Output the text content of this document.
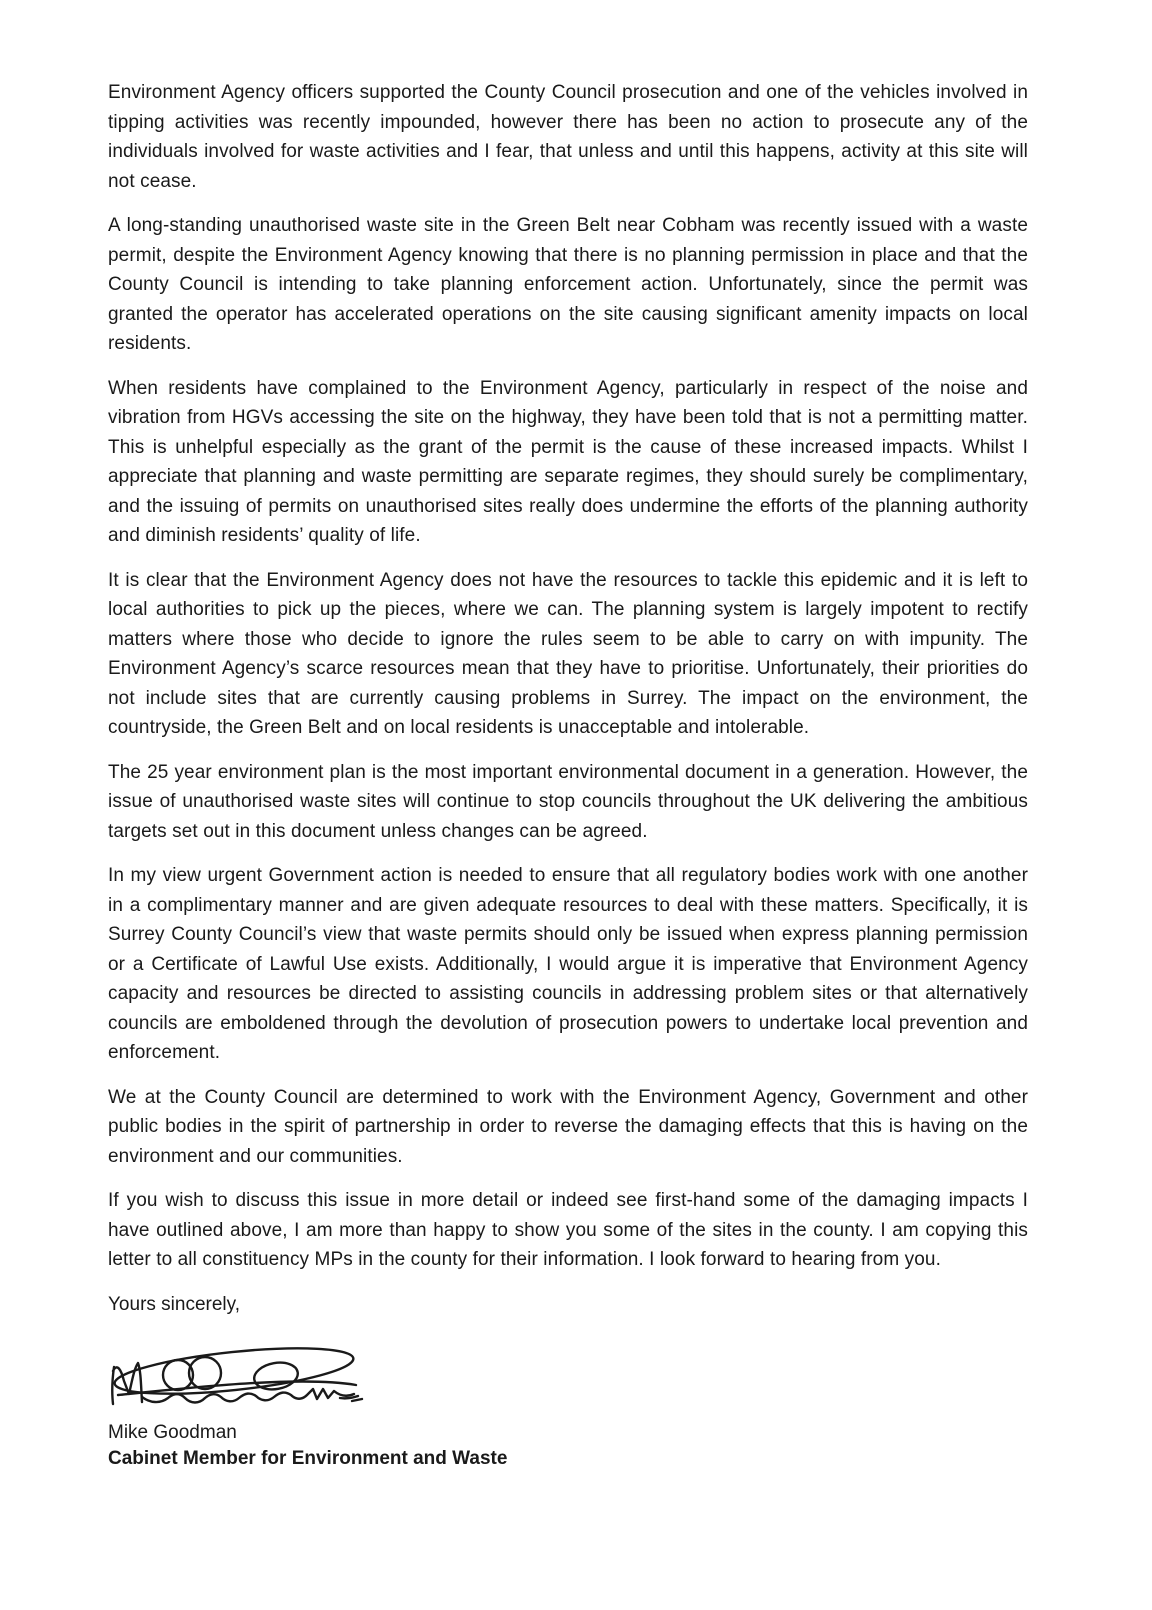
Environment Agency officers supported the County Council prosecution and one of the vehicles involved in tipping activities was recently impounded, however there has been no action to prosecute any of the individuals involved for waste activities and I fear, that unless and until this happens, activity at this site will not cease.

A long-standing unauthorised waste site in the Green Belt near Cobham was recently issued with a waste permit, despite the Environment Agency knowing that there is no planning permission in place and that the County Council is intending to take planning enforcement action. Unfortunately, since the permit was granted the operator has accelerated operations on the site causing significant amenity impacts on local residents.

When residents have complained to the Environment Agency, particularly in respect of the noise and vibration from HGVs accessing the site on the highway, they have been told that is not a permitting matter. This is unhelpful especially as the grant of the permit is the cause of these increased impacts. Whilst I appreciate that planning and waste permitting are separate regimes, they should surely be complimentary, and the issuing of permits on unauthorised sites really does undermine the efforts of the planning authority and diminish residents’ quality of life.

It is clear that the Environment Agency does not have the resources to tackle this epidemic and it is left to local authorities to pick up the pieces, where we can. The planning system is largely impotent to rectify matters where those who decide to ignore the rules seem to be able to carry on with impunity. The Environment Agency’s scarce resources mean that they have to prioritise. Unfortunately, their priorities do not include sites that are currently causing problems in Surrey. The impact on the environment, the countryside, the Green Belt and on local residents is unacceptable and intolerable.

The 25 year environment plan is the most important environmental document in a generation. However, the issue of unauthorised waste sites will continue to stop councils throughout the UK delivering the ambitious targets set out in this document unless changes can be agreed.

In my view urgent Government action is needed to ensure that all regulatory bodies work with one another in a complimentary manner and are given adequate resources to deal with these matters. Specifically, it is Surrey County Council’s view that waste permits should only be issued when express planning permission or a Certificate of Lawful Use exists. Additionally, I would argue it is imperative that Environment Agency capacity and resources be directed to assisting councils in addressing problem sites or that alternatively councils are emboldened through the devolution of prosecution powers to undertake local prevention and enforcement.

We at the County Council are determined to work with the Environment Agency, Government and other public bodies in the spirit of partnership in order to reverse the damaging effects that this is having on the environment and our communities.

If you wish to discuss this issue in more detail or indeed see first-hand some of the damaging impacts I have outlined above, I am more than happy to show you some of the sites in the county. I am copying this letter to all constituency MPs in the county for their information. I look forward to hearing from you.

Yours sincerely,

Mike Goodman
Cabinet Member for Environment and Waste
